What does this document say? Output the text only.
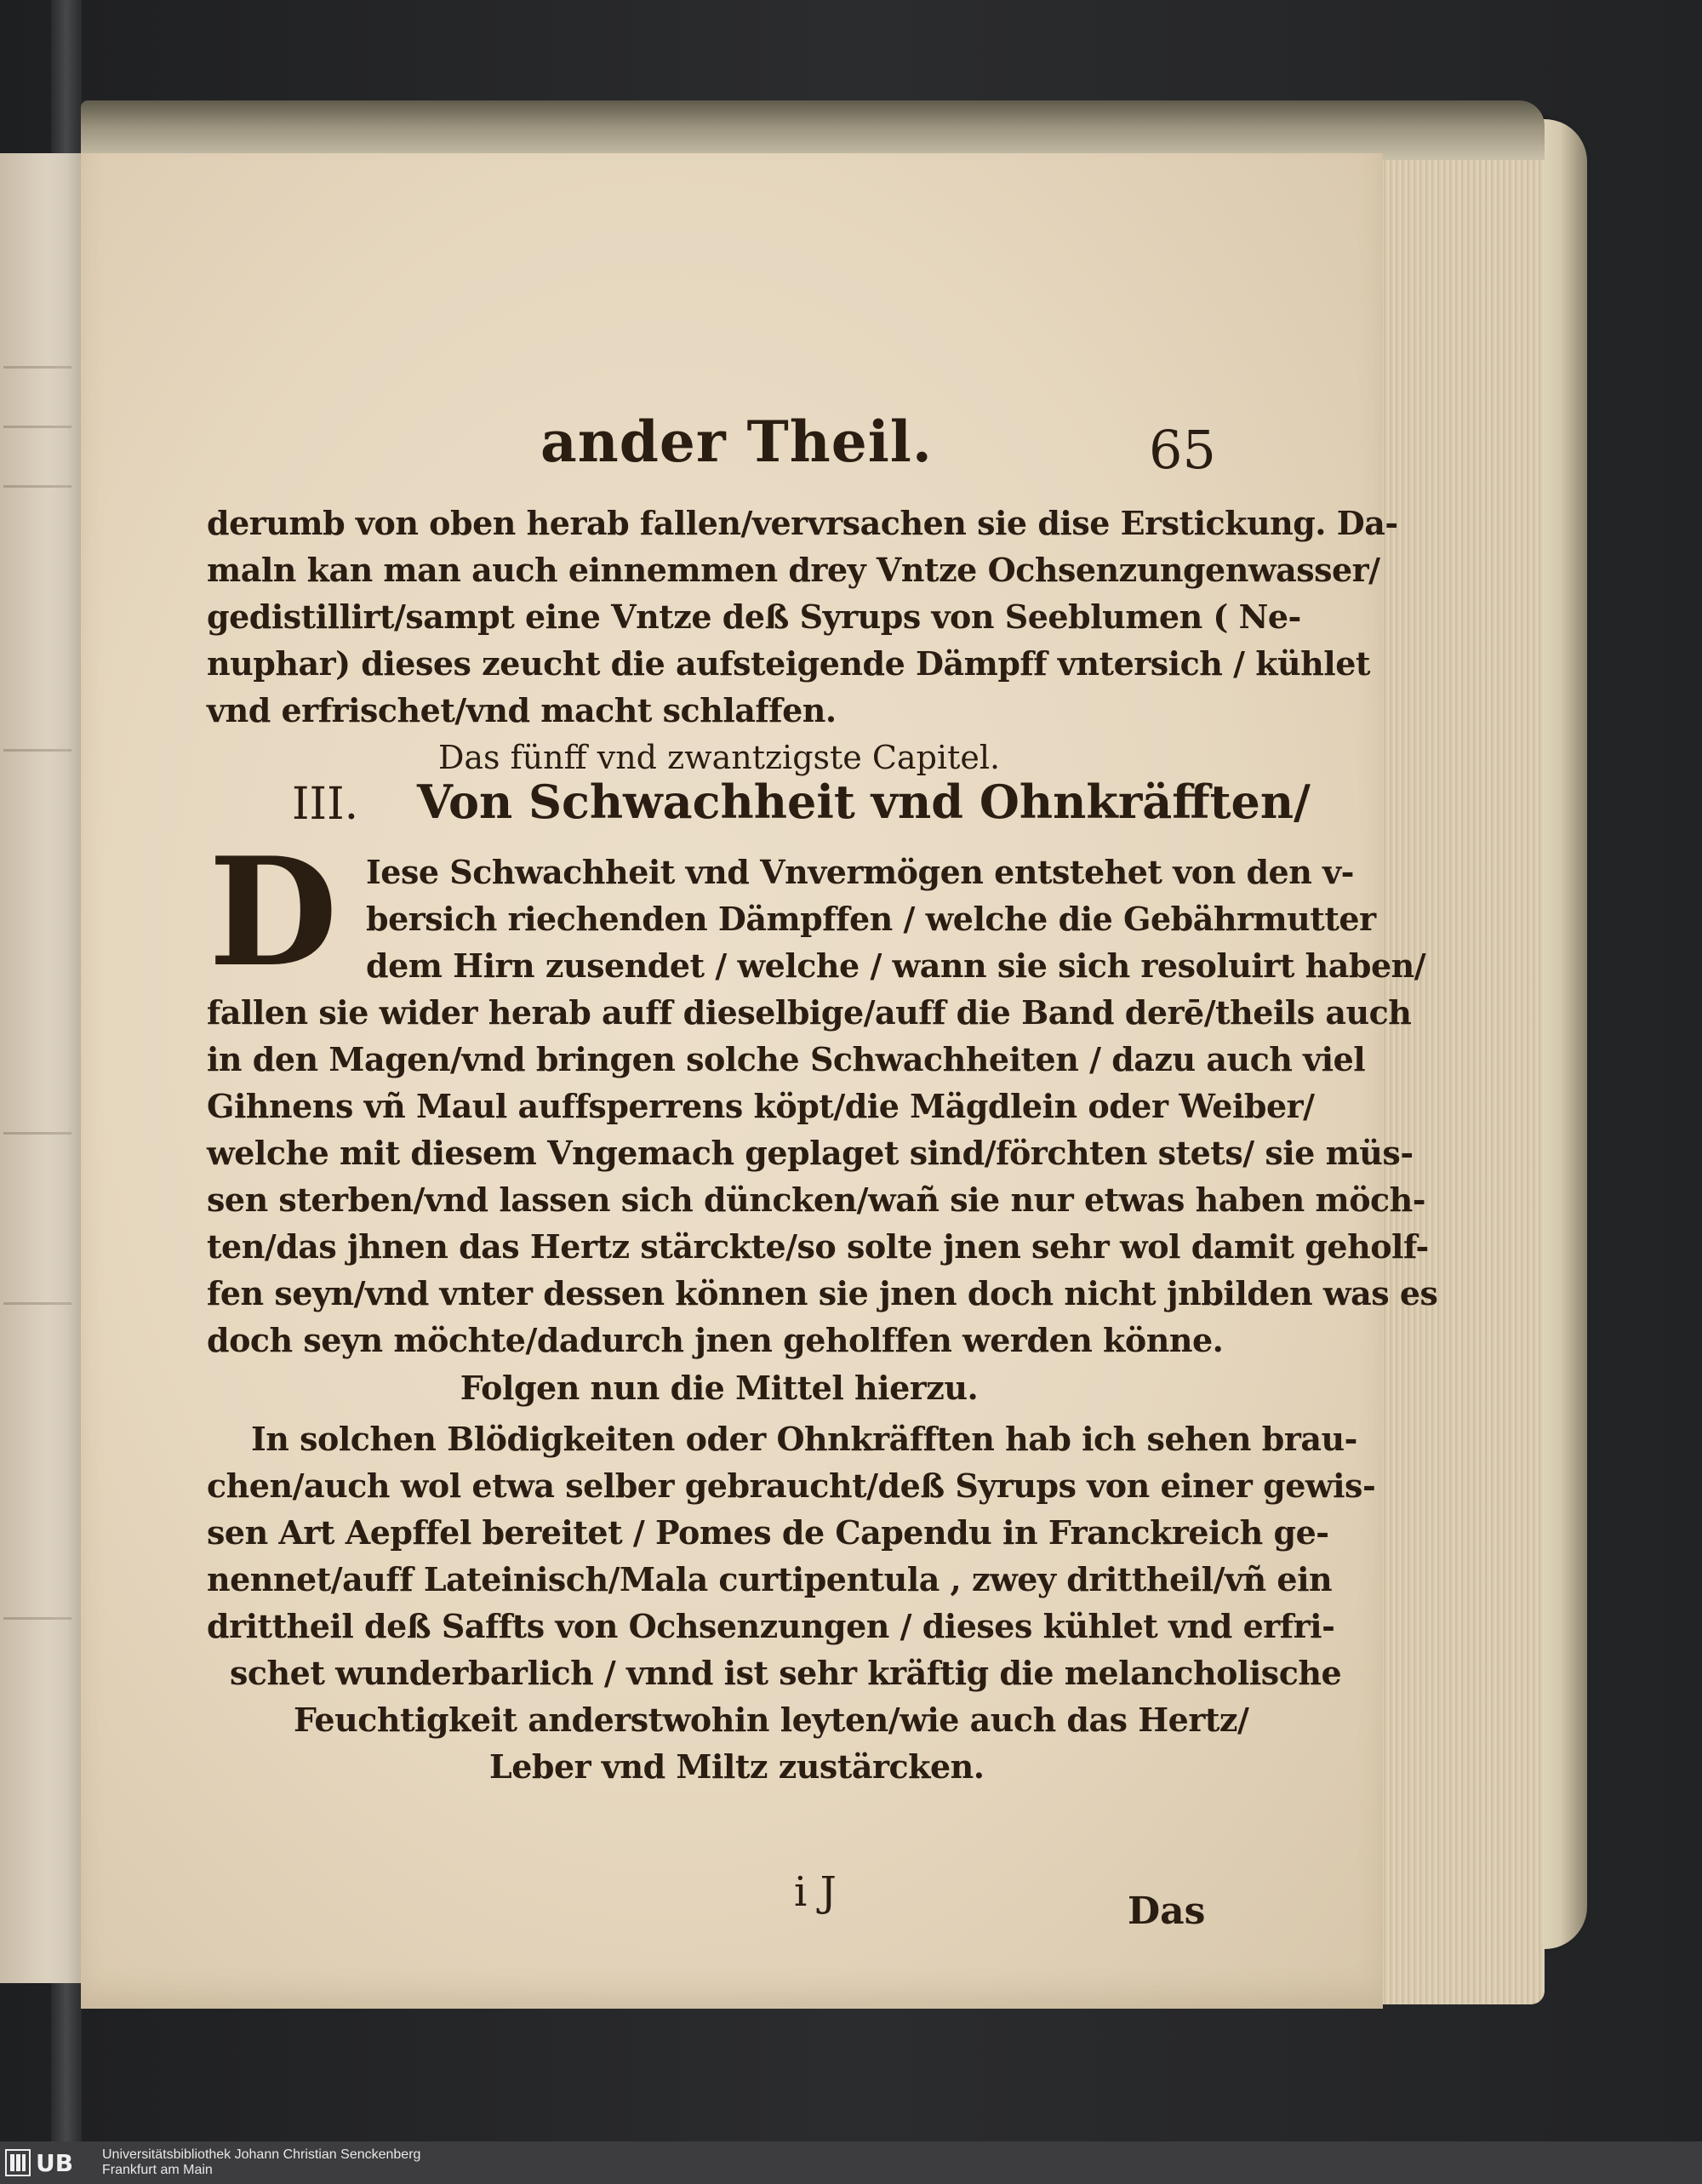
ander Theil.	65
derumb von oben herab fallen/vervrsachen sie dise Erstickung. Da-
maln kan man auch einnemmen drey Vntze Ochsenzungenwasser/
gedistillirt/sampt eine Vntze deß Syrups von Seeblumen ( Ne-
nuphar) dieses zeucht die aufsteigende Dämpff vntersich / kühlet
vnd erfrischet/vnd macht schlaffen.
Das fünff vnd zwantzigste Capitel.
III. Von Schwachheit vnd Ohnkräfften/
D Iese Schwachheit vnd Vnvermögen entstehet von den v-
bersich riechenden Dämpffen / welche die Gebährmutter
dem Hirn zusendet / welche / wann sie sich resoluirt haben/
fallen sie wider herab auff dieselbige/auff die Band derē/theils auch
in den Magen/vnd bringen solche Schwachheiten / dazu auch viel
Gihnens vñ Maul auffsperrens köpt/die Mägdlein oder Weiber/
welche mit diesem Vngemach geplaget sind/förchten stets/ sie müs-
sen sterben/vnd lassen sich düncken/wañ sie nur etwas haben möch-
ten/das jhnen das Hertz stärckte/so solte jnen sehr wol damit geholf-
fen seyn/vnd vnter dessen können sie jnen doch nicht jnbilden was es
doch seyn möchte/dadurch jnen geholffen werden könne.
Folgen nun die Mittel hierzu.
In solchen Blödigkeiten oder Ohnkräfften hab ich sehen brau-
chen/auch wol etwa selber gebraucht/deß Syrups von einer gewis-
sen Art Aepffel bereitet / Pomes de Capendu in Franckreich ge-
nennet/auff Lateinisch/Mala curtipentula , zwey drittheil/vñ ein
drittheil deß Saffts von Ochsenzungen / dieses kühlet vnd erfri-
schet wunderbarlich / vnnd ist sehr kräftig die melancholische
Feuchtigkeit anderstwohin leyten/wie auch das Hertz/
Leber vnd Miltz zustärcken.
i J	Das
UB Universitätsbibliothek Johann Christian Senckenberg
Frankfurt am Main
